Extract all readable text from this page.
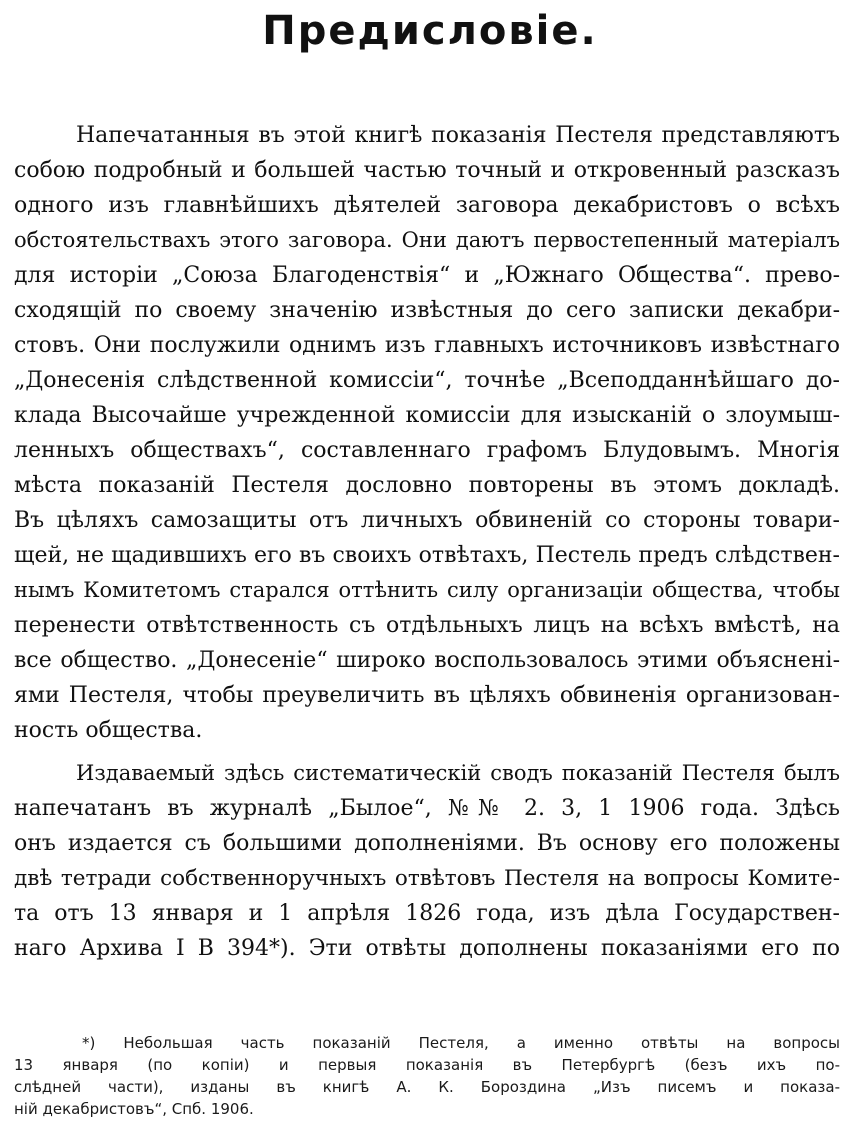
Предисловіе.
Напечатанныя въ этой книгѣ показанія Пестеля представляютъ
собою подробный и большей частью точный и откровенный разсказъ
одного изъ главнѣйшихъ дѣятелей заговора декабристовъ о всѣхъ
обстоятельствахъ этого заговора. Они даютъ первостепенный матеріалъ
для исторіи „Союза Благоденствія“ и „Южнаго Общества“. прево-
сходящій по своему значенію извѣстныя до сего записки декабри-
стовъ. Они послужили однимъ изъ главныхъ источниковъ извѣстнаго
„Донесенія слѣдственной комиссіи“, точнѣе „Всеподданнѣйшаго до-
клада Высочайше учрежденной комиссіи для изысканій о злоумыш-
ленныхъ обществахъ“, составленнаго графомъ Блудовымъ. Многія
мѣста показаній Пестеля дословно повторены въ этомъ докладѣ.
Въ цѣляхъ самозащиты отъ личныхъ обвиненій со стороны товари-
щей, не щадившихъ его въ своихъ отвѣтахъ, Пестель предъ слѣдствен-
нымъ Комитетомъ старался оттѣнить силу организаціи общества, чтобы
перенести отвѣтственность съ отдѣльныхъ лицъ на всѣхъ вмѣстѣ, на
все общество. „Донесеніе“ широко воспользовалось этими объясненi-
ями Пестеля, чтобы преувеличить въ цѣляхъ обвиненія организован-
ность общества.
Издаваемый здѣсь систематическій сводъ показаній Пестеля былъ
напечатанъ въ журналѣ „Былое“, №№ 2. 3, 1 1906 года. Здѣсь
онъ издается съ большими дополненіями. Въ основу его положены
двѣ тетради собственноручныхъ отвѣтовъ Пестеля на вопросы Комите-
та отъ 13 января и 1 апрѣля 1826 года, изъ дѣла Государствен-
наго Архива I В 394*). Эти отвѣты дополнены показаніями его по
*) Небольшая часть показаній Пестеля, а именно отвѣты на вопросы
13 января (по копіи) и первыя показанія въ Петербургѣ (безъ ихъ по-
слѣдней части), изданы въ книгѣ А. К. Бороздина „Изъ писемъ и показа-
ній декабристовъ“, Спб. 1906.
